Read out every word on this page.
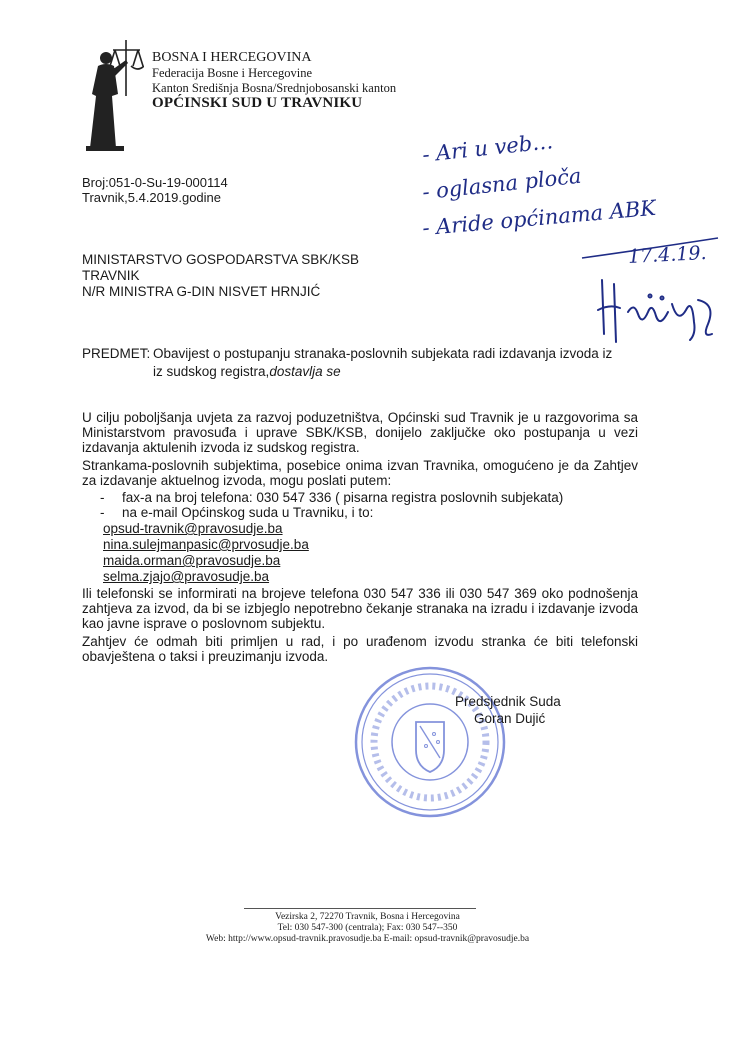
BOSNA I HERCEGOVINA
Federacija Bosne i Hercegovine
Kanton Središnja Bosna/Srednjobosanski kanton
OPĆINSKI SUD U TRAVNIKU
- Ari u veb…
- oglasna ploča
- Aride općinama ABK
17.4.19.
Broj:051-0-Su-19-000114
Travnik,5.4.2019.godine
MINISTARSTVO GOSPODARSTVA SBK/KSB
TRAVNIK
N/R MINISTRA G-DIN NISVET HRNJIĆ
PREDMET: Obavijest o postupanju stranaka-poslovnih subjekata radi izdavanja izvoda iz
iz sudskog registra,dostavlja se
U cilju poboljšanja uvjeta za razvoj poduzetništva, Općinski sud Travnik je u razgovorima sa Ministarstvom pravosuđa i uprave SBK/KSB, donijelo zaključke oko postupanja u vezi izdavanja aktulenih izvoda iz sudskog registra.
Strankama-poslovnih subjektima, posebice onima izvan Travnika, omogućeno je da Zahtjev za izdavanje aktuelnog izvoda, mogu poslati putem:
- fax-a na broj telefona: 030 547 336 ( pisarna registra poslovnih subjekata)
- na e-mail Općinskog suda u Travniku, i to:
opsud-travnik@pravosudje.ba
nina.sulejmanpasic@prvosudje.ba
maida.orman@pravosudje.ba
selma.zjajo@pravosudje.ba
Ili telefonski se informirati na brojeve telefona 030 547 336 ili 030 547 369 oko podnošenja zahtjeva za izvod, da bi se izbjeglo nepotrebno čekanje stranaka na izradu i izdavanje izvoda kao javne isprave o poslovnom subjektu.
Zahtjev će odmah biti primljen u rad, i po urađenom izvodu stranka će biti telefonski obavještena o taksi i preuzimanju izvoda.
Predsjednik Suda
Goran Dujić
Vezirska 2, 72270 Travnik, Bosna i Hercegovina
Tel: 030 547-300 (centrala); Fax: 030 547--350
Web: http://www.opsud-travnik.pravosudje.ba E-mail: opsud-travnik@pravosudje.ba
